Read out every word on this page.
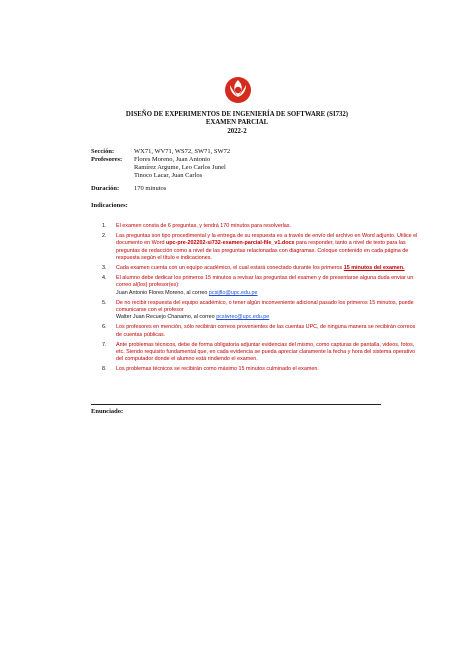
DISEÑO DE EXPERIMENTOS DE INGENIERÍA DE SOFTWARE (SI732)
EXAMEN PARCIAL
2022-2
Sección:	WX71, WV71, WS72, SW71, SW72
Profesores: Flores Moreno, Juan Antonio
Ramírez Argume, Leo Carlos Junel
Tinoco Lacar, Juan Carlos
Duración: 170 minutos
Indicaciones:
1.	El examen consta de 6 preguntas, y tendrá 170 minutos para resolverlas.
2.	Las preguntas son tipo procedimental y la entrega de su respuesta es a través de envío del archivo en Word adjunto. Utilice el documento en Word upc-pre-202202-si732-examen-parcial-file_v1.docx para responder, tanto a nivel de texto para las preguntas de redacción como a nivel de las preguntas relacionadas con diagramas. Coloque contenido en cada página de respuesta según el título e indicaciones.
3.	Cada examen cuenta con un equipo académico, el cual estará conectado durante los primeros 15 minutos del examen.
4.	El alumno debe dedicar los primeros 15 minutos a revisar las preguntas del examen y de presentarse alguna duda enviar un correo al(los) profesor(es):
Juan Antonio Flores Moreno, al correo pcsijflo@upc.edu.pe
5.	De no recibir respuesta del equipo académico, o tener algún inconveniente adicional pasado los primeros 15 minutos, puede comunicarse con el profesor
Walter Juan Recuejo Chanamo, al correo pcsiwrec@upc.edu.pe
6.	Los profesores en mención, sólo recibirán correos provenientes de las cuentas UPC, de ninguna manera se recibirán correos de cuentas públicas.
7.	Ante problemas técnicos, debe de forma obligatoria adjuntar evidencias del mismo, como capturas de pantalla, videos, fotos, etc. Siendo requisito fundamental que, en cada evidencia se pueda apreciar claramente la fecha y hora del sistema operativo del computador donde el alumno está rindiendo el examen.
8.	Los problemas técnicos se recibirán como máximo 15 minutos culminado el examen.
Enunciado:
